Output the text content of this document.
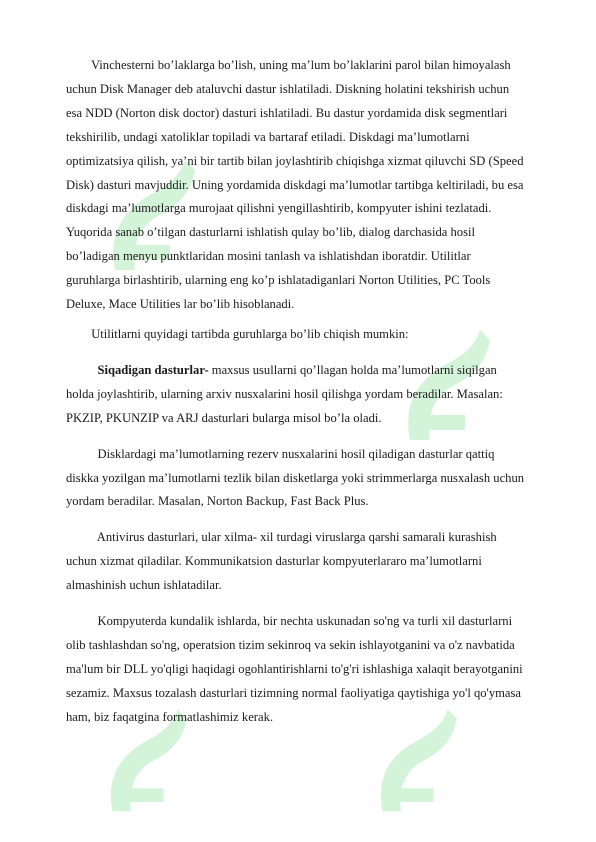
Vinchesterni bo’laklarga bo’lish, uning ma’lum bo’laklarini parol bilan himoyalash
uchun Disk Manager deb ataluvchi dastur ishlatiladi. Diskning holatini tekshirish uchun
esa NDD (Norton disk doctor) dasturi ishlatiladi. Bu dastur yordamida disk segmentlari
tekshirilib, undagi xatoliklar topiladi va bartaraf etiladi. Diskdagi ma’lumotlarni
optimizatsiya qilish, ya’ni bir tartib bilan joylashtirib chiqishga xizmat qiluvchi SD (Speed
Disk) dasturi mavjuddir. Uning yordamida diskdagi ma’lumotlar tartibga keltiriladi, bu esa
diskdagi ma’lumotlarga murojaat qilishni yengillashtirib, kompyuter ishini tezlatadi.
Yuqorida sanab o’tilgan dasturlarni ishlatish qulay bo’lib, dialog darchasida hosil
bo’ladigan menyu punktlaridan mosini tanlash va ishlatishdan iboratdir. Utilitlar
guruhlarga birlashtirib, ularning eng ko’p ishlatadiganlari Norton Utilities, PC Tools
Deluxe, Mace Utilities lar bo’lib hisoblanadi.

Utilitlarni quyidagi tartibda guruhlarga bo’lib chiqish mumkin:

Siqadigan dasturlar- maxsus usullarni qo’llagan holda ma’lumotlarni siqilgan
holda joylashtirib, ularning arxiv nusxalarini hosil qilishga yordam beradilar. Masalan:
PKZIP, PKUNZIP va ARJ dasturlari bularga misol bo’la oladi.

Disklardagi ma’lumotlarning rezerv nusxalarini hosil qiladigan dasturlar qattiq
diskka yozilgan ma’lumotlarni tezlik bilan disketlarga yoki strimmerlarga nusxalash uchun
yordam beradilar. Masalan, Norton Backup, Fast Back Plus.

Antivirus dasturlari, ular xilma- xil turdagi viruslarga qarshi samarali kurashish
uchun xizmat qiladilar. Kommunikatsion dasturlar kompyuterlararo ma’lumotlarni
almashinish uchun ishlatadilar.

Kompyuterda kundalik ishlarda, bir nechta uskunadan so'ng va turli xil dasturlarni
olib tashlashdan so'ng, operatsion tizim sekinroq va sekin ishlayotganini va o'z navbatida
ma'lum bir DLL yo'qligi haqidagi ogohlantirishlarni to'g'ri ishlashiga xalaqit berayotganini
sezamiz. Maxsus tozalash dasturlari tizimning normal faoliyatiga qaytishiga yo'l qo'ymasa
ham, biz faqatgina formatlashimiz kerak.
